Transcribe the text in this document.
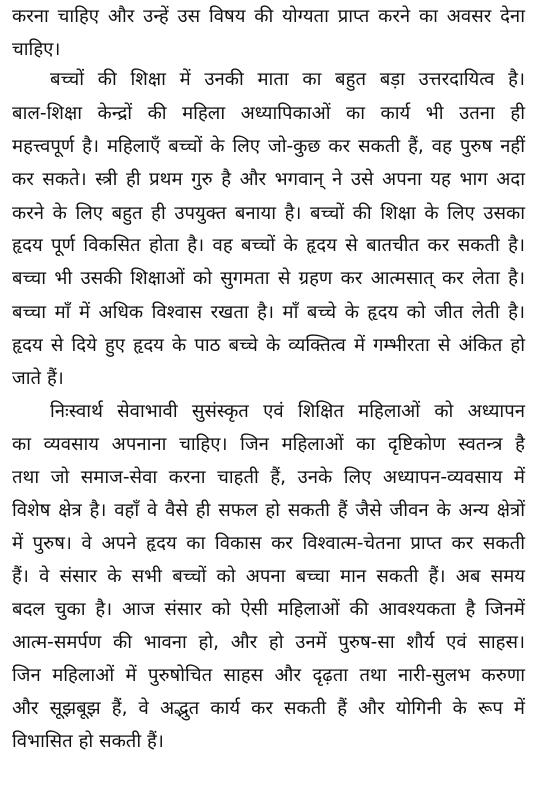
करना चाहिए और उन्हें उस विषय की योग्यता प्राप्त करने का अवसर देना
चाहिए।
बच्चों की शिक्षा में उनकी माता का बहुत बड़ा उत्तरदायित्व है।
बाल-शिक्षा केन्द्रों की महिला अध्यापिकाओं का कार्य भी उतना ही
महत्त्वपूर्ण है। महिलाएँ बच्चों के लिए जो-कुछ कर सकती हैं, वह पुरुष नहीं
कर सकते। स्त्री ही प्रथम गुरु है और भगवान् ने उसे अपना यह भाग अदा
करने के लिए बहुत ही उपयुक्त बनाया है। बच्चों की शिक्षा के लिए उसका
हृदय पूर्ण विकसित होता है। वह बच्चों के हृदय से बातचीत कर सकती है।
बच्चा भी उसकी शिक्षाओं को सुगमता से ग्रहण कर आत्मसात् कर लेता है।
बच्चा माँ में अधिक विश्वास रखता है। माँ बच्चे के हृदय को जीत लेती है।
हृदय से दिये हुए हृदय के पाठ बच्चे के व्यक्तित्व में गम्भीरता से अंकित हो
जाते हैं।
निःस्वार्थ सेवाभावी सुसंस्कृत एवं शिक्षित महिलाओं को अध्यापन
का व्यवसाय अपनाना चाहिए। जिन महिलाओं का दृष्टिकोण स्वतन्त्र है
तथा जो समाज-सेवा करना चाहती हैं, उनके लिए अध्यापन-व्यवसाय में
विशेष क्षेत्र है। वहाँ वे वैसे ही सफल हो सकती हैं जैसे जीवन के अन्य क्षेत्रों
में पुरुष। वे अपने हृदय का विकास कर विश्वात्म-चेतना प्राप्त कर सकती
हैं। वे संसार के सभी बच्चों को अपना बच्चा मान सकती हैं। अब समय
बदल चुका है। आज संसार को ऐसी महिलाओं की आवश्यकता है जिनमें
आत्म-समर्पण की भावना हो, और हो उनमें पुरुष-सा शौर्य एवं साहस।
जिन महिलाओं में पुरुषोचित साहस और दृढ़ता तथा नारी-सुलभ करुणा
और सूझबूझ हैं, वे अद्भुत कार्य कर सकती हैं और योगिनी के रूप में
विभासित हो सकती हैं।
